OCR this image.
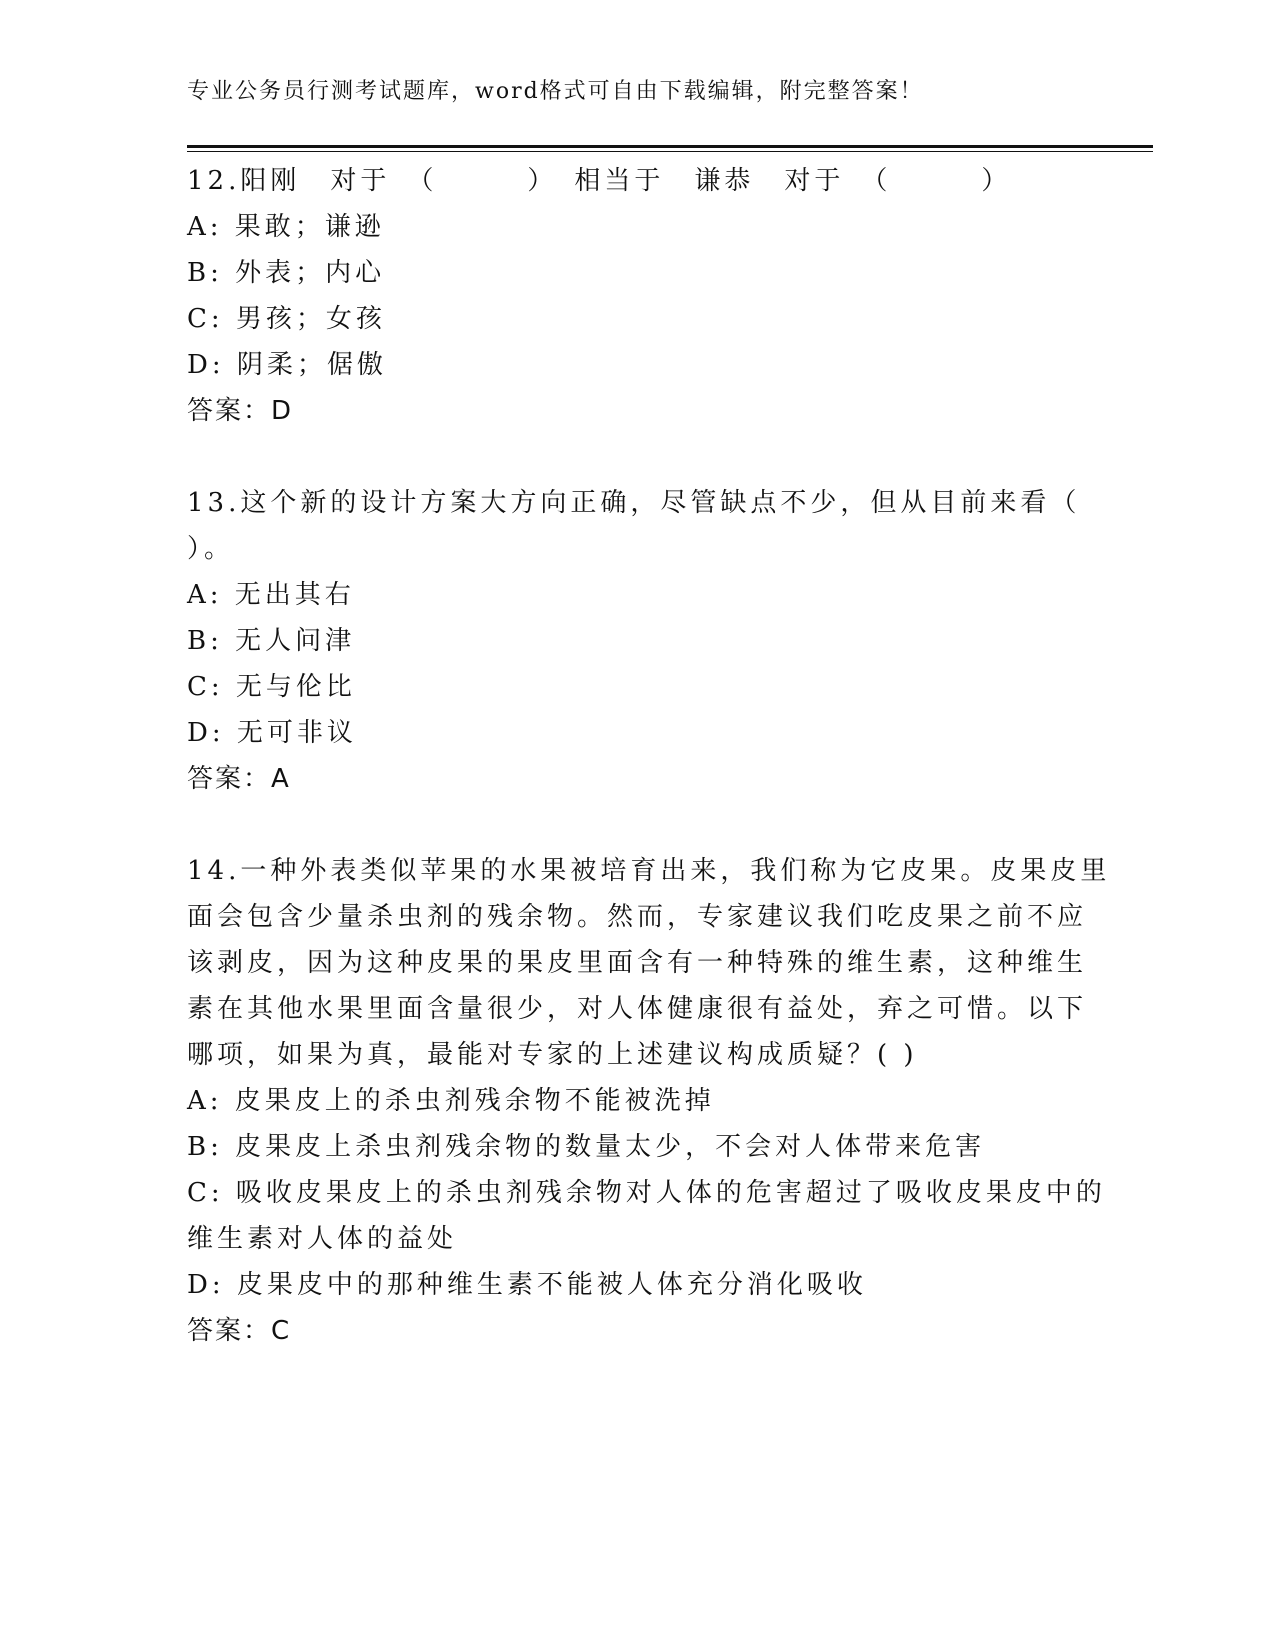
专业公务员行测考试题库，word格式可自由下载编辑，附完整答案！
12.阳刚　对于　（　　　）　相当于　谦恭　对于　（　　　）
A: 果敢；谦逊
B: 外表；内心
C: 男孩；女孩
D: 阴柔；倨傲
答案：D
13.这个新的设计方案大方向正确，尽管缺点不少，但从目前来看（
）。
A: 无出其右
B: 无人问津
C: 无与伦比
D: 无可非议
答案：A
14.一种外表类似苹果的水果被培育出来，我们称为它皮果。皮果皮里
面会包含少量杀虫剂的残余物。然而，专家建议我们吃皮果之前不应
该剥皮，因为这种皮果的果皮里面含有一种特殊的维生素，这种维生
素在其他水果里面含量很少，对人体健康很有益处，弃之可惜。以下
哪项，如果为真，最能对专家的上述建议构成质疑？( )
A: 皮果皮上的杀虫剂残余物不能被洗掉
B: 皮果皮上杀虫剂残余物的数量太少，不会对人体带来危害
C: 吸收皮果皮上的杀虫剂残余物对人体的危害超过了吸收皮果皮中的
维生素对人体的益处
D: 皮果皮中的那种维生素不能被人体充分消化吸收
答案：C
